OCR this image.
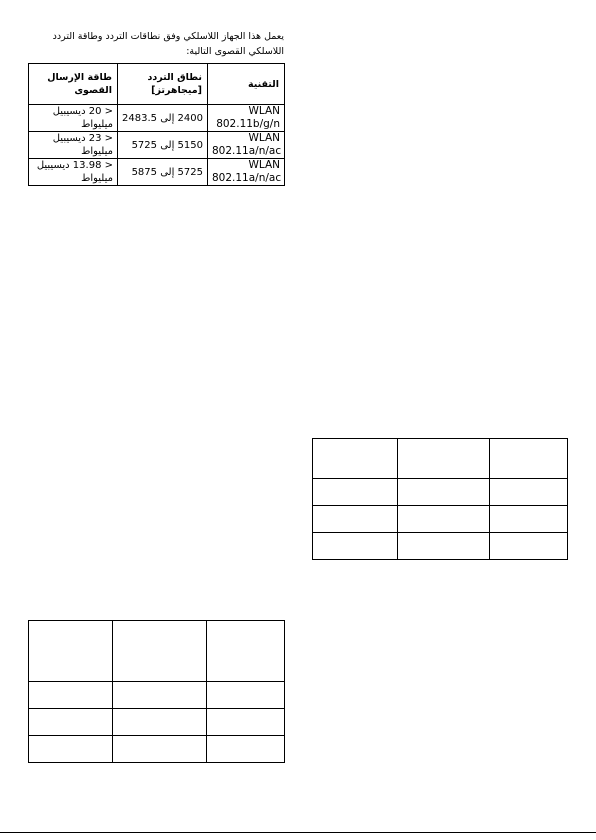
يعمل هذا الجهاز اللاسلكي وفق نطاقات التردد وطاقة التردد اللاسلكي القصوى التالية:
التقنية	نطاق التردد [ميجاهرتز]	طاقة الإرسال القصوى
WLAN 802.11b/g/n	2400 إلى 2483.5	< 20 ديسيبيل ميليواط
WLAN 802.11a/n/ac	5150 إلى 5725	< 23 ديسيبيل ميليواط
WLAN 802.11a/n/ac	5725 إلى 5875	< 13.98 ديسيبيل ميليواط
